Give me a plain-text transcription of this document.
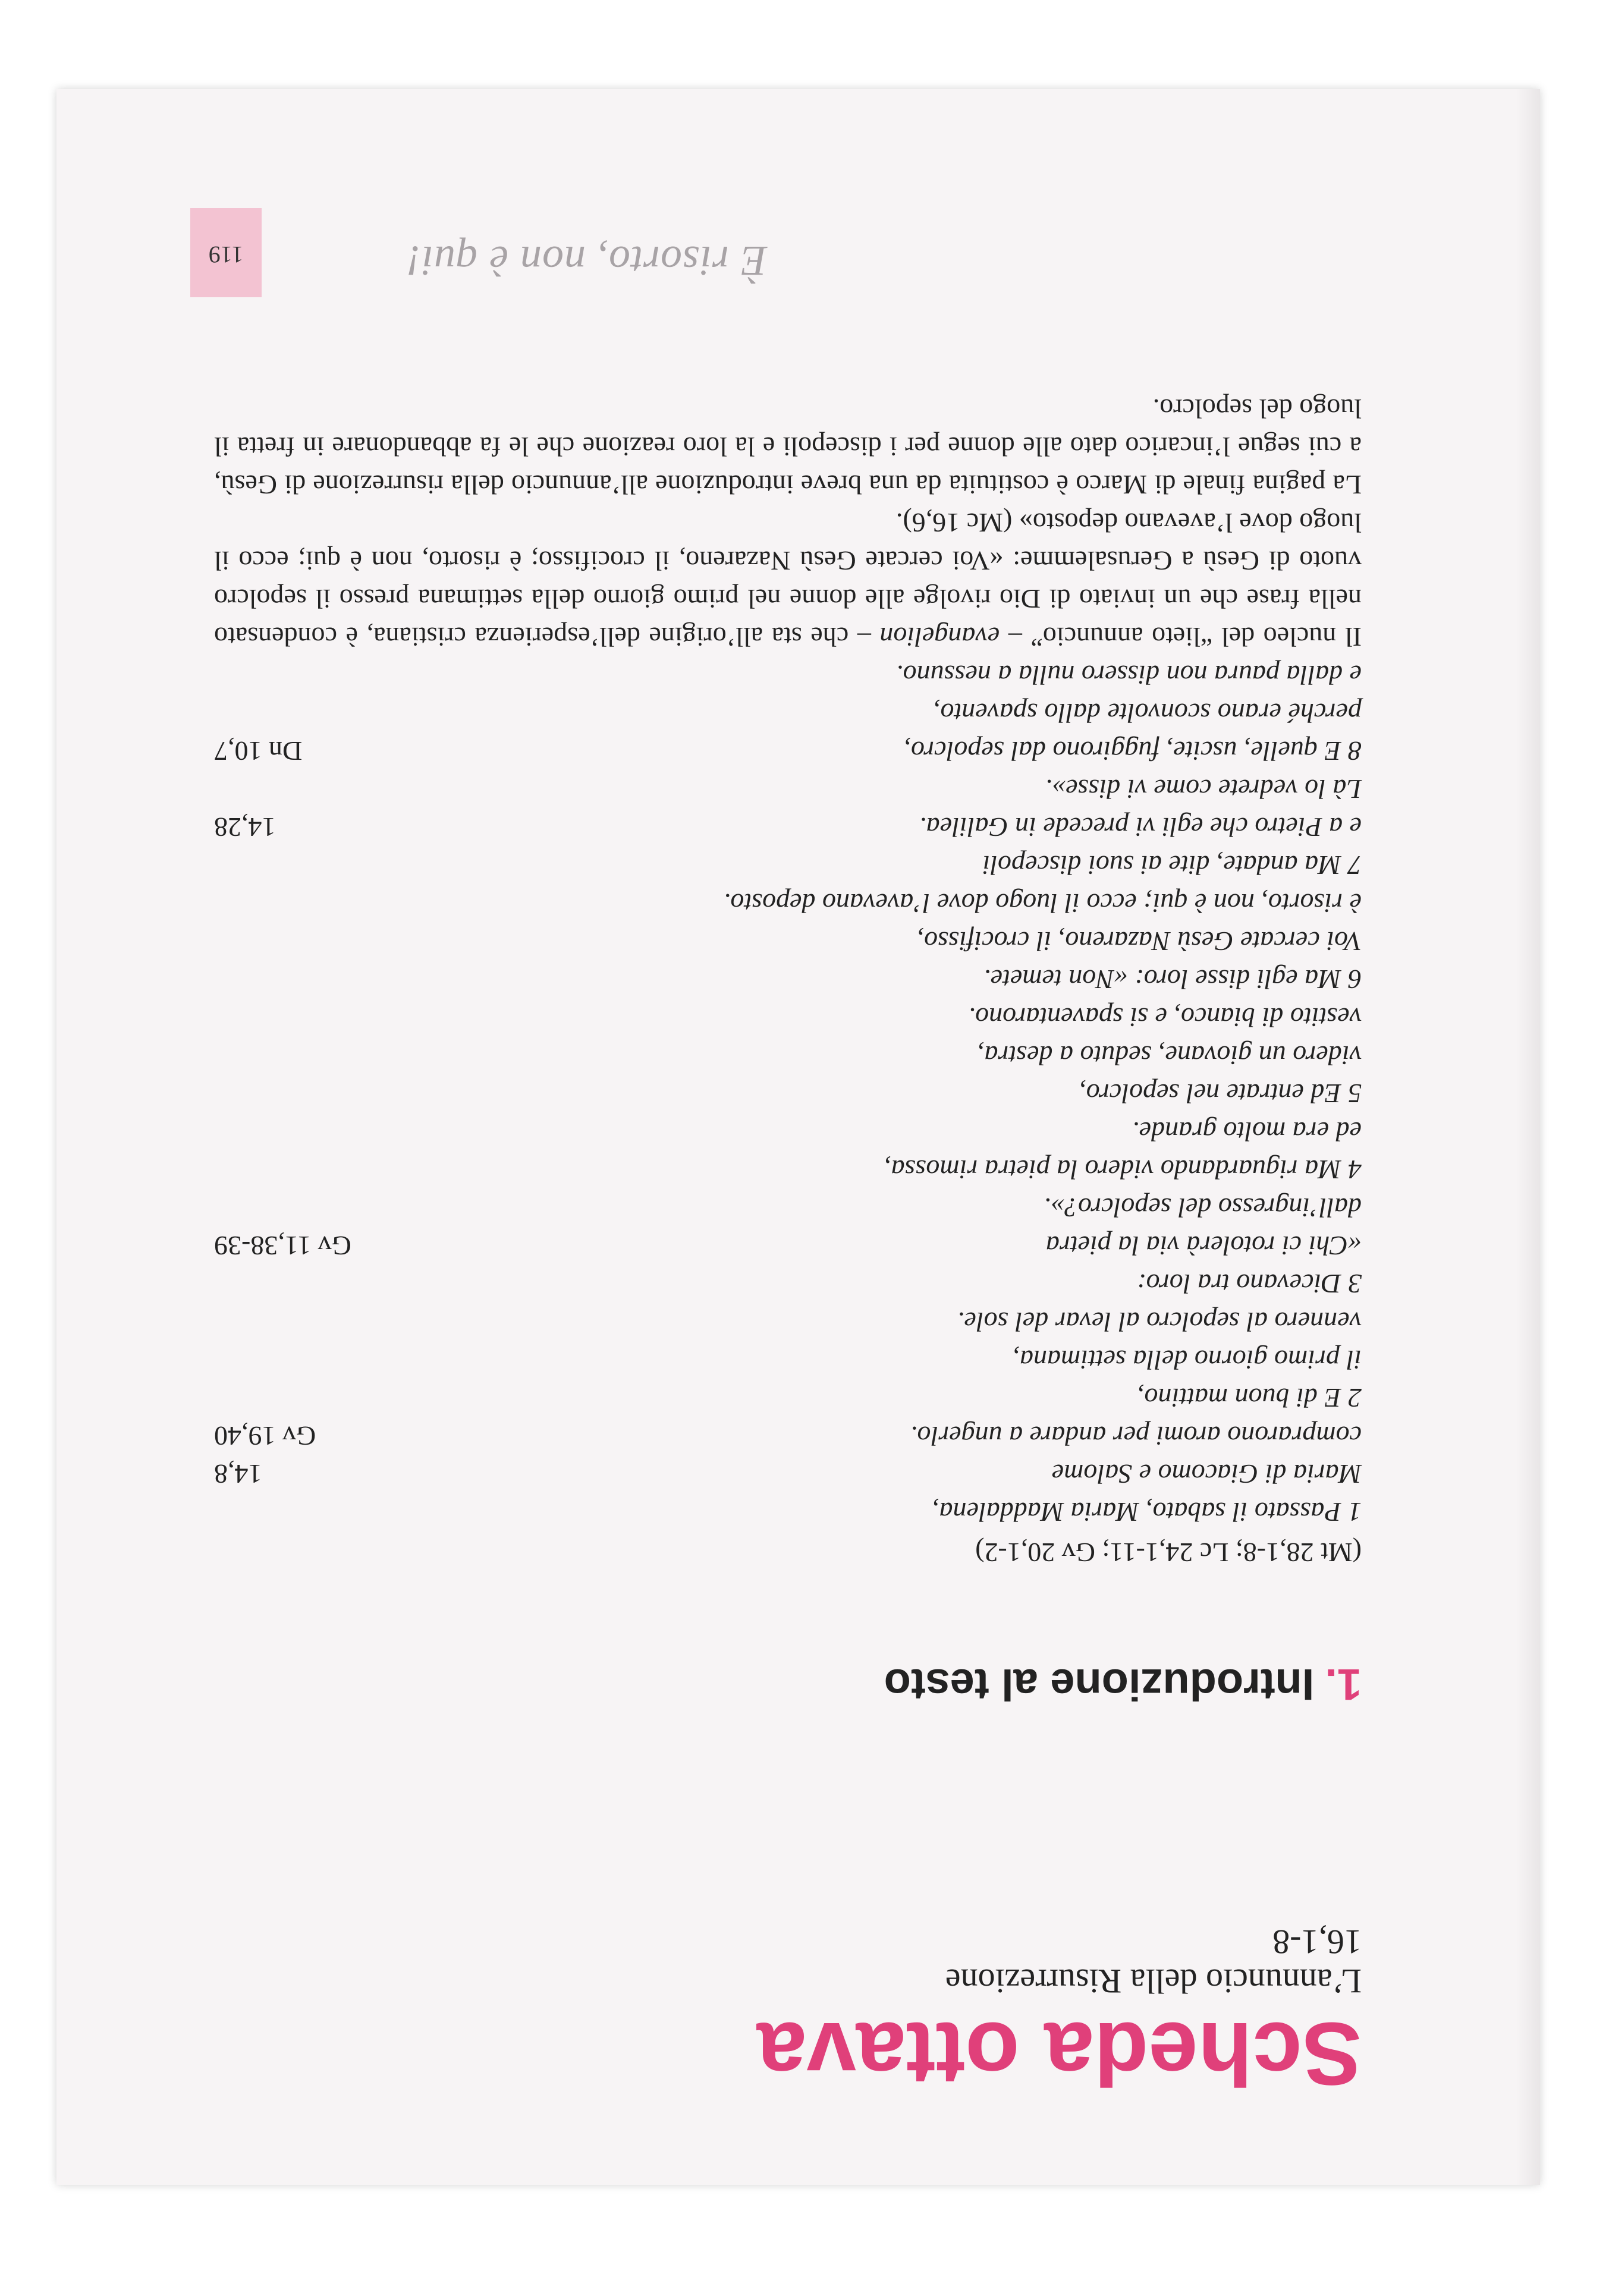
È risorto, non è qui!
119
Scheda ottava

L’annuncio della Risurrezione

16,1-8

1.Introduzione al testo

(Mt 28,1-8; Lc 24,1-11; Gv 20,1-2)

1 Passato il sabato, Maria Maddalena,

Maria di Giacomo e Salome
14,8

comprarono aromi per andare a ungerlo.
Gv 19,40

2 E di buon mattino,

il primo giorno della settimana,

vennero al sepolcro al levar del sole.

3 Dicevano tra loro:

«Chi ci rotolerà via la pietra
Gv 11,38-39

dall’ingresso del sepolcro?».

4 Ma riguardando videro la pietra rimossa,

ed era molto grande.

5 Ed entrate nel sepolcro,

videro un giovane, seduto a destra,

vestito di bianco, e si spaventarono.

6 Ma egli disse loro: «Non temete.

Voi cercate Gesù Nazareno, il crocifisso,

è risorto, non è qui; ecco il luogo dove l’avevano deposto.

7 Ma andate, dite ai suoi discepoli

e a Pietro che egli vi precede in Galilea.
14,28

Là lo vedrete come vi disse».

8 E quelle, uscite, fuggirono dal sepolcro,
Dn 10,7

perché erano sconvolte dallo spavento,

e dalla paura non dissero nulla a nessuno.

Il nucleo del “lieto annuncio” – evangelion – che sta all’origine dell’esperienza cristiana, è condensato nella frase che un inviato di Dio rivolge alle donne nel primo giorno della settimana presso il sepolcro vuoto di Gesù a Gerusalemme: «Voi cercate Gesù Nazareno, il crocifisso; è risorto, non è qui; ecco il luogo dove l’avevano deposto» (Mc 16,6).

La pagina finale di Marco è costituita da una breve introduzione all’annuncio della risurrezione di Gesù, a cui segue l’incarico dato alle donne per i discepoli e la loro reazione che le fa abbandonare in fretta il luogo del sepolcro.
